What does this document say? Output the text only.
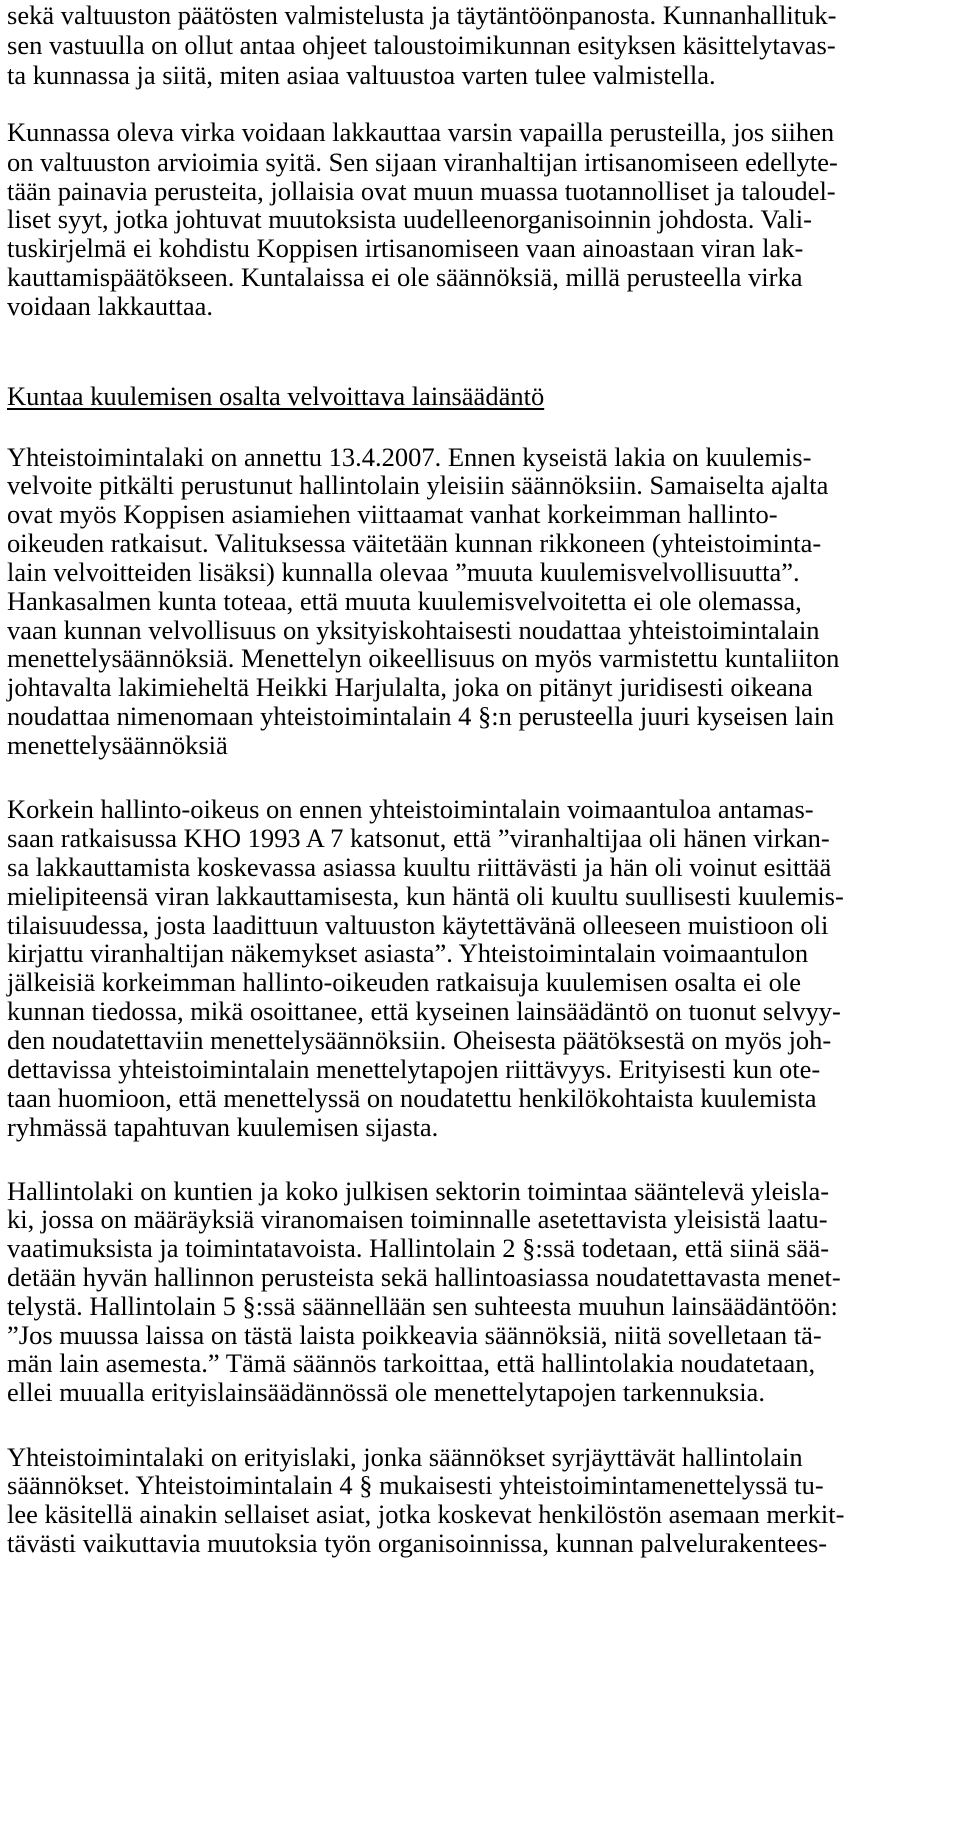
sekä valtuuston päätösten valmistelusta ja täytäntöönpanosta. Kunnanhallituk-
sen vastuulla on ollut antaa ohjeet taloustoimikunnan esityksen käsittelytavas-
ta kunnassa ja siitä, miten asiaa valtuustoa varten tulee valmistella.
Kunnassa oleva virka voidaan lakkauttaa varsin vapailla perusteilla, jos siihen
on valtuuston arvioimia syitä. Sen sijaan viranhaltijan irtisanomiseen edellyte-
tään painavia perusteita, jollaisia ovat muun muassa tuotannolliset ja taloudel-
liset syyt, jotka johtuvat muutoksista uudelleenorganisoinnin johdosta. Vali-
tuskirjelmä ei kohdistu Koppisen irtisanomiseen vaan ainoastaan viran lak-
kauttamispäätökseen. Kuntalaissa ei ole säännöksiä, millä perusteella virka
voidaan lakkauttaa.
Kuntaa kuulemisen osalta velvoittava lainsäädäntö
Yhteistoimintalaki on annettu 13.4.2007. Ennen kyseistä lakia on kuulemis-
velvoite pitkälti perustunut hallintolain yleisiin säännöksiin. Samaiselta ajalta
ovat myös Koppisen asiamiehen viittaamat vanhat korkeimman hallinto-
oikeuden ratkaisut. Valituksessa väitetään kunnan rikkoneen (yhteistoiminta-
lain velvoitteiden lisäksi) kunnalla olevaa ”muuta kuulemisvelvollisuutta”.
Hankasalmen kunta toteaa, että muuta kuulemisvelvoitetta ei ole olemassa,
vaan kunnan velvollisuus on yksityiskohtaisesti noudattaa yhteistoimintalain
menettelysäännöksiä. Menettelyn oikeellisuus on myös varmistettu kuntaliiton
johtavalta lakimieheltä Heikki Harjulalta, joka on pitänyt juridisesti oikeana
noudattaa nimenomaan yhteistoimintalain 4 §:n perusteella juuri kyseisen lain
menettelysäännöksiä
Korkein hallinto-oikeus on ennen yhteistoimintalain voimaantuloa antamas-
saan ratkaisussa KHO 1993 A 7 katsonut, että ”viranhaltijaa oli hänen virkan-
sa lakkauttamista koskevassa asiassa kuultu riittävästi ja hän oli voinut esittää
mielipiteensä viran lakkauttamisesta, kun häntä oli kuultu suullisesti kuulemis-
tilaisuudessa, josta laadittuun valtuuston käytettävänä olleeseen muistioon oli
kirjattu viranhaltijan näkemykset asiasta”. Yhteistoimintalain voimaantulon
jälkeisiä korkeimman hallinto-oikeuden ratkaisuja kuulemisen osalta ei ole
kunnan tiedossa, mikä osoittanee, että kyseinen lainsäädäntö on tuonut selvyy-
den noudatettaviin menettelysäännöksiin. Oheisesta päätöksestä on myös joh-
dettavissa yhteistoimintalain menettelytapojen riittävyys. Erityisesti kun ote-
taan huomioon, että menettelyssä on noudatettu henkilökohtaista kuulemista
ryhmässä tapahtuvan kuulemisen sijasta.
Hallintolaki on kuntien ja koko julkisen sektorin toimintaa sääntelevä yleisla-
ki, jossa on määräyksiä viranomaisen toiminnalle asetettavista yleisistä laatu-
vaatimuksista ja toimintatavoista. Hallintolain 2 §:ssä todetaan, että siinä sää-
detään hyvän hallinnon perusteista sekä hallintoasiassa noudatettavasta menet-
telystä. Hallintolain 5 §:ssä säännellään sen suhteesta muuhun lainsäädäntöön:
”Jos muussa laissa on tästä laista poikkeavia säännöksiä, niitä sovelletaan tä-
män lain asemesta.” Tämä säännös tarkoittaa, että hallintolakia noudatetaan,
ellei muualla erityislainsäädännössä ole menettelytapojen tarkennuksia.
Yhteistoimintalaki on erityislaki, jonka säännökset syrjäyttävät hallintolain
säännökset. Yhteistoimintalain 4 § mukaisesti yhteistoimintamenettelyssä tu-
lee käsitellä ainakin sellaiset asiat, jotka koskevat henkilöstön asemaan merkit-
tävästi vaikuttavia muutoksia työn organisoinnissa, kunnan palvelurakentees-
